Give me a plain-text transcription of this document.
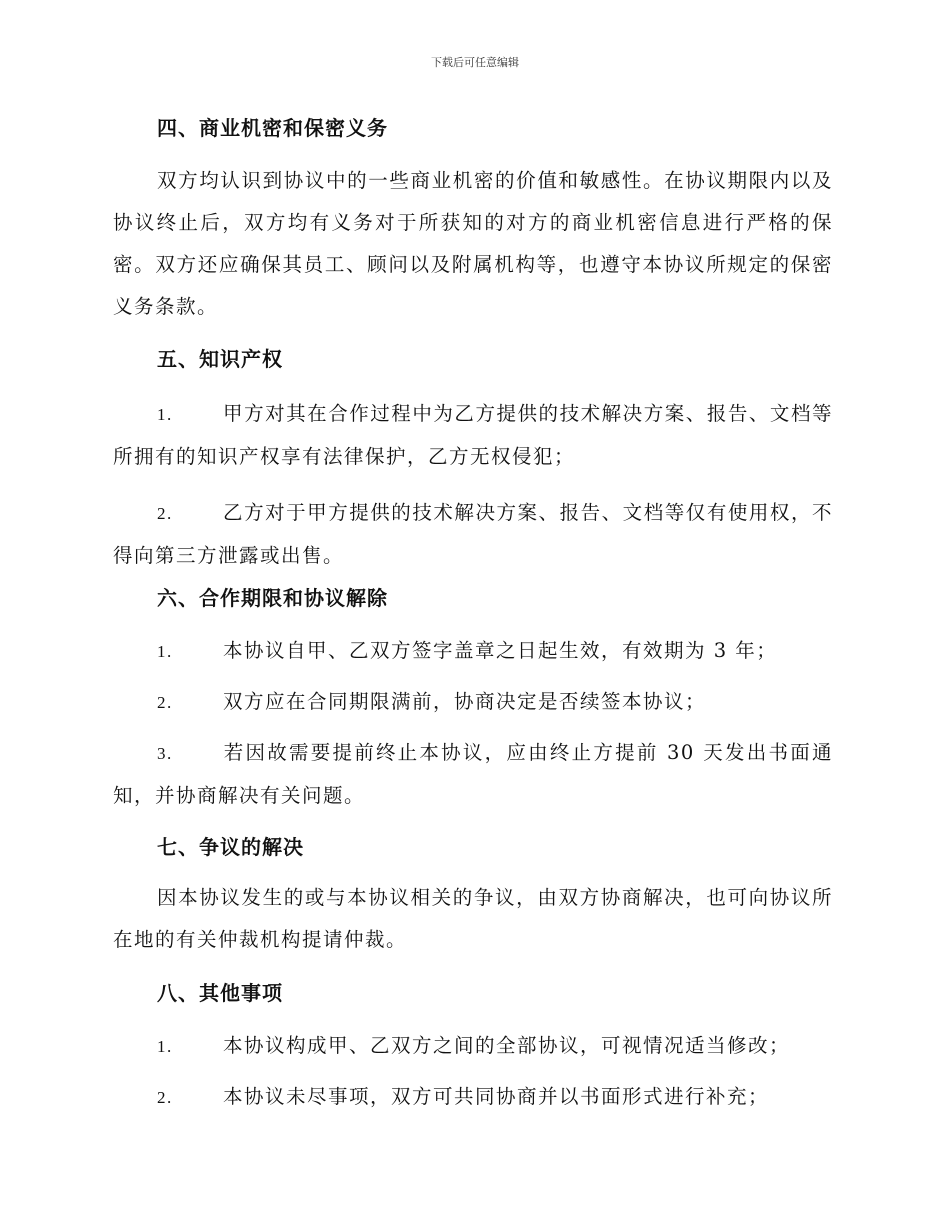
下载后可任意编辑
四、商业机密和保密义务

双方均认识到协议中的一些商业机密的价值和敏感性。在协议期限内以及协议终止后，双方均有义务对于所获知的对方的商业机密信息进行严格的保密。双方还应确保其员工、顾问以及附属机构等，也遵守本协议所规定的保密义务条款。

五、知识产权

1.	甲方对其在合作过程中为乙方提供的技术解决方案、报告、文档等所拥有的知识产权享有法律保护，乙方无权侵犯；

2.	乙方对于甲方提供的技术解决方案、报告、文档等仅有使用权，不得向第三方泄露或出售。

六、合作期限和协议解除

1.	本协议自甲、乙双方签字盖章之日起生效，有效期为 3 年；

2.	双方应在合同期限满前，协商决定是否续签本协议；

3.	若因故需要提前终止本协议，应由终止方提前 30 天发出书面通知，并协商解决有关问题。

七、争议的解决

因本协议发生的或与本协议相关的争议，由双方协商解决，也可向协议所在地的有关仲裁机构提请仲裁。

八、其他事项

1.	本协议构成甲、乙双方之间的全部协议，可视情况适当修改；

2.	本协议未尽事项，双方可共同协商并以书面形式进行补充；
